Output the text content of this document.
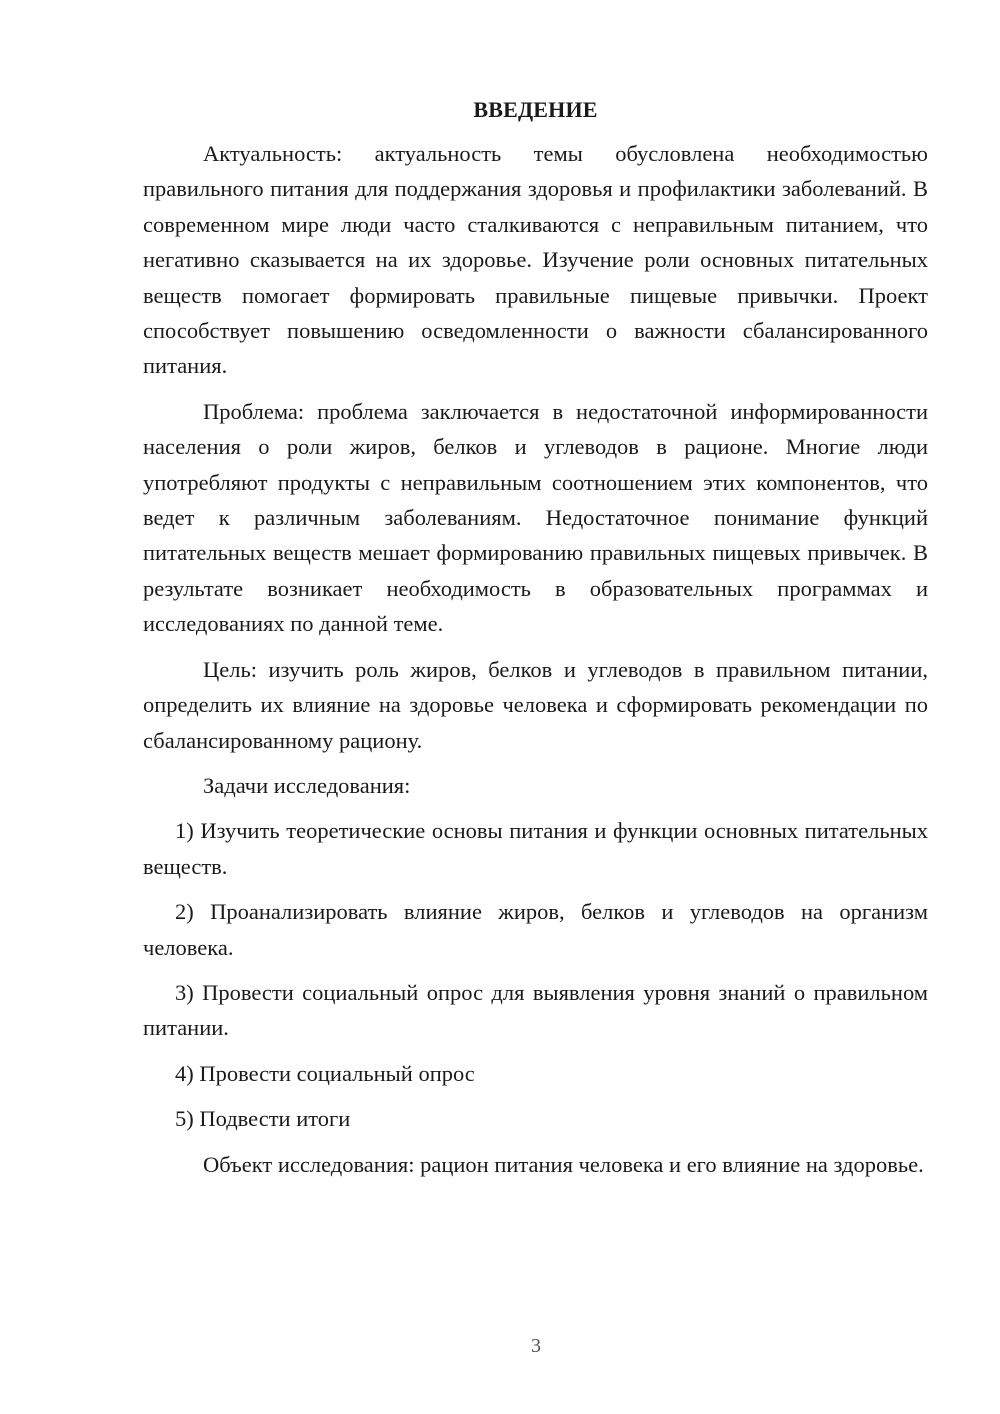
ВВЕДЕНИЕ

Актуальность: актуальность темы обусловлена необходимостью правильного питания для поддержания здоровья и профилактики заболеваний. В современном мире люди часто сталкиваются с неправильным питанием, что негативно сказывается на их здоровье. Изучение роли основных питательных веществ помогает формировать правильные пищевые привычки. Проект способствует повышению осведомленности о важности сбалансированного питания.

Проблема: проблема заключается в недостаточной информированности населения о роли жиров, белков и углеводов в рационе. Многие люди употребляют продукты с неправильным соотношением этих компонентов, что ведет к различным заболеваниям. Недостаточное понимание функций питательных веществ мешает формированию правильных пищевых привычек. В результате возникает необходимость в образовательных программах и исследованиях по данной теме.

Цель: изучить роль жиров, белков и углеводов в правильном питании, определить их влияние на здоровье человека и сформировать рекомендации по сбалансированному рациону.

Задачи исследования:

1) Изучить теоретические основы питания и функции основных питательных веществ.

2) Проанализировать влияние жиров, белков и углеводов на организм человека.

3) Провести социальный опрос для выявления уровня знаний о правильном питании.

4) Провести социальный опрос

5) Подвести итоги

Объект исследования: рацион питания человека и его влияние на здоровье.

3
